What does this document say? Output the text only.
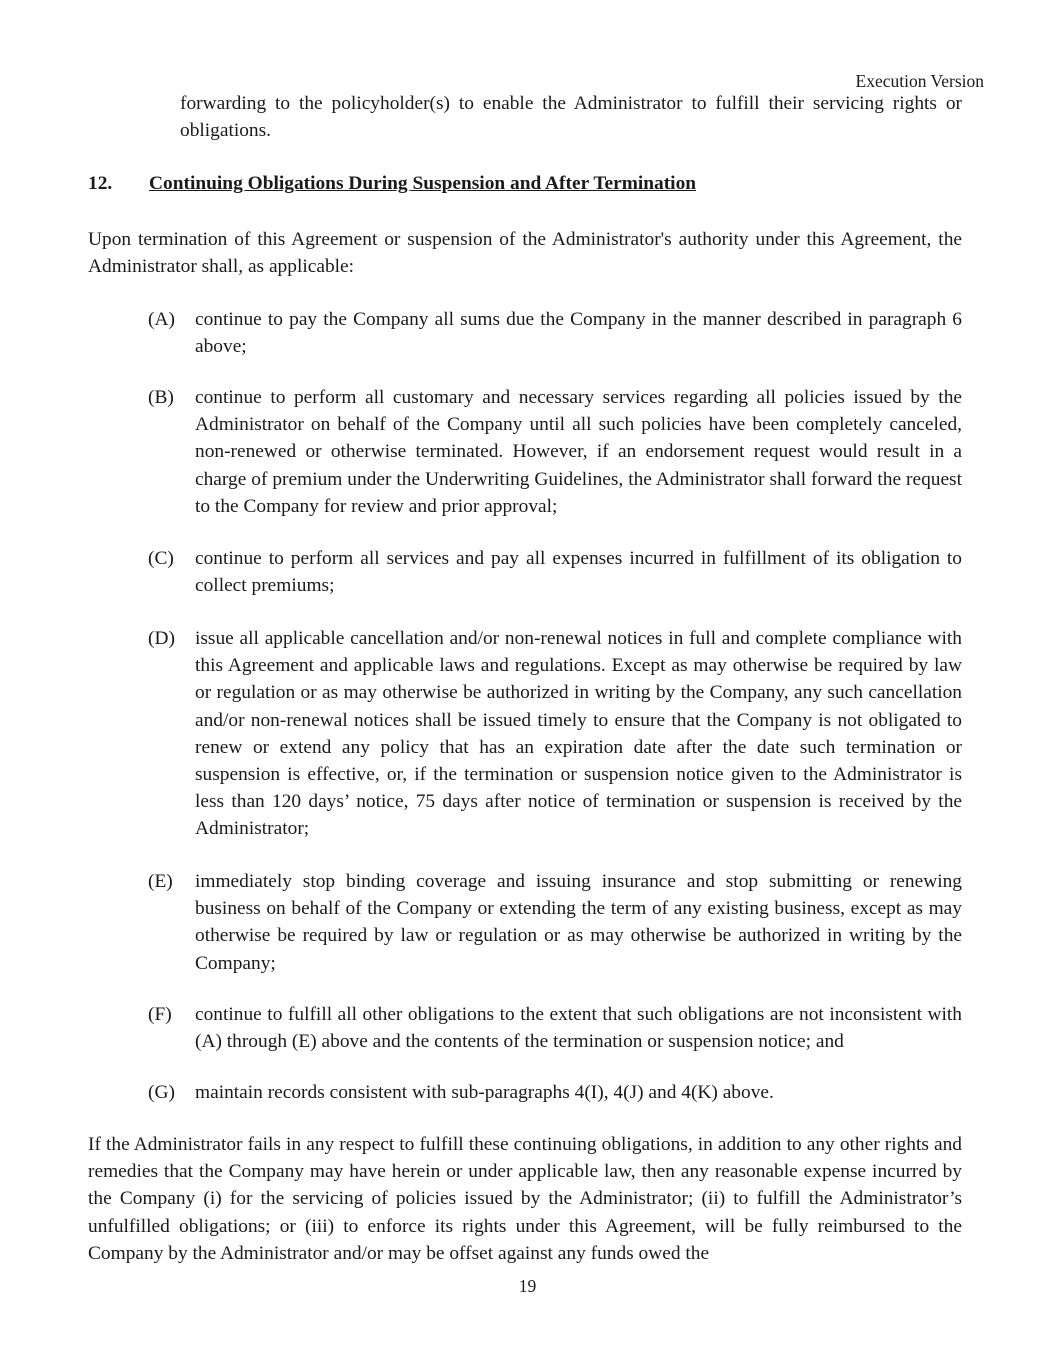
Execution Version
forwarding to the policyholder(s) to enable the Administrator to fulfill their servicing rights or obligations.
12. Continuing Obligations During Suspension and After Termination
Upon termination of this Agreement or suspension of the Administrator's authority under this Agreement, the Administrator shall, as applicable:
(A)	continue to pay the Company all sums due the Company in the manner described in paragraph 6 above;
(B)	continue to perform all customary and necessary services regarding all policies issued by the Administrator on behalf of the Company until all such policies have been completely canceled, non-renewed or otherwise terminated. However, if an endorsement request would result in a charge of premium under the Underwriting Guidelines, the Administrator shall forward the request to the Company for review and prior approval;
(C)	continue to perform all services and pay all expenses incurred in fulfillment of its obligation to collect premiums;
(D)	issue all applicable cancellation and/or non-renewal notices in full and complete compliance with this Agreement and applicable laws and regulations. Except as may otherwise be required by law or regulation or as may otherwise be authorized in writing by the Company, any such cancellation and/or non-renewal notices shall be issued timely to ensure that the Company is not obligated to renew or extend any policy that has an expiration date after the date such termination or suspension is effective, or, if the termination or suspension notice given to the Administrator is less than 120 days’ notice, 75 days after notice of termination or suspension is received by the Administrator;
(E)	immediately stop binding coverage and issuing insurance and stop submitting or renewing business on behalf of the Company or extending the term of any existing business, except as may otherwise be required by law or regulation or as may otherwise be authorized in writing by the Company;
(F)	continue to fulfill all other obligations to the extent that such obligations are not inconsistent with (A) through (E) above and the contents of the termination or suspension notice; and
(G)	maintain records consistent with sub-paragraphs 4(I), 4(J) and 4(K) above.
If the Administrator fails in any respect to fulfill these continuing obligations, in addition to any other rights and remedies that the Company may have herein or under applicable law, then any reasonable expense incurred by the Company (i) for the servicing of policies issued by the Administrator; (ii) to fulfill the Administrator’s unfulfilled obligations; or (iii) to enforce its rights under this Agreement, will be fully reimbursed to the Company by the Administrator and/or may be offset against any funds owed the
19
